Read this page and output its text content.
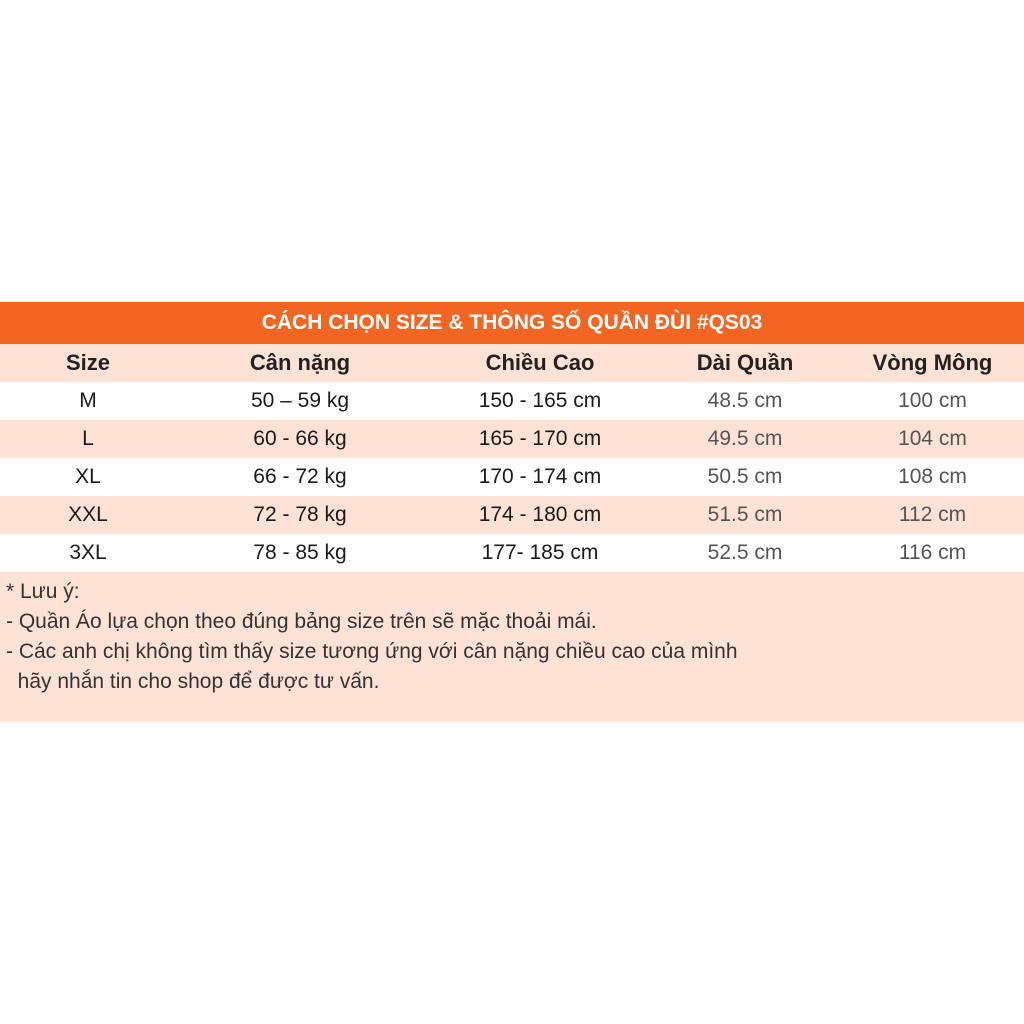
CÁCH CHỌN SIZE & THÔNG SỐ QUẦN ĐÙI #QS03
Size	Cân nặng	Chiều Cao	Dài Quần	Vòng Mông
M	50 – 59 kg	150 - 165 cm	48.5 cm	100 cm
L	60 - 66 kg	165 - 170 cm	49.5 cm	104 cm
XL	66 - 72 kg	170 - 174 cm	50.5 cm	108 cm
XXL	72 - 78 kg	174 - 180 cm	51.5 cm	112 cm
3XL	78 - 85 kg	177- 185 cm	52.5 cm	116 cm
* Lưu ý:
- Quần Áo lựa chọn theo đúng bảng size trên sẽ mặc thoải mái.
- Các anh chị không tìm thấy size tương ứng với cân nặng chiều cao của mình
hãy nhắn tin cho shop để được tư vấn.
